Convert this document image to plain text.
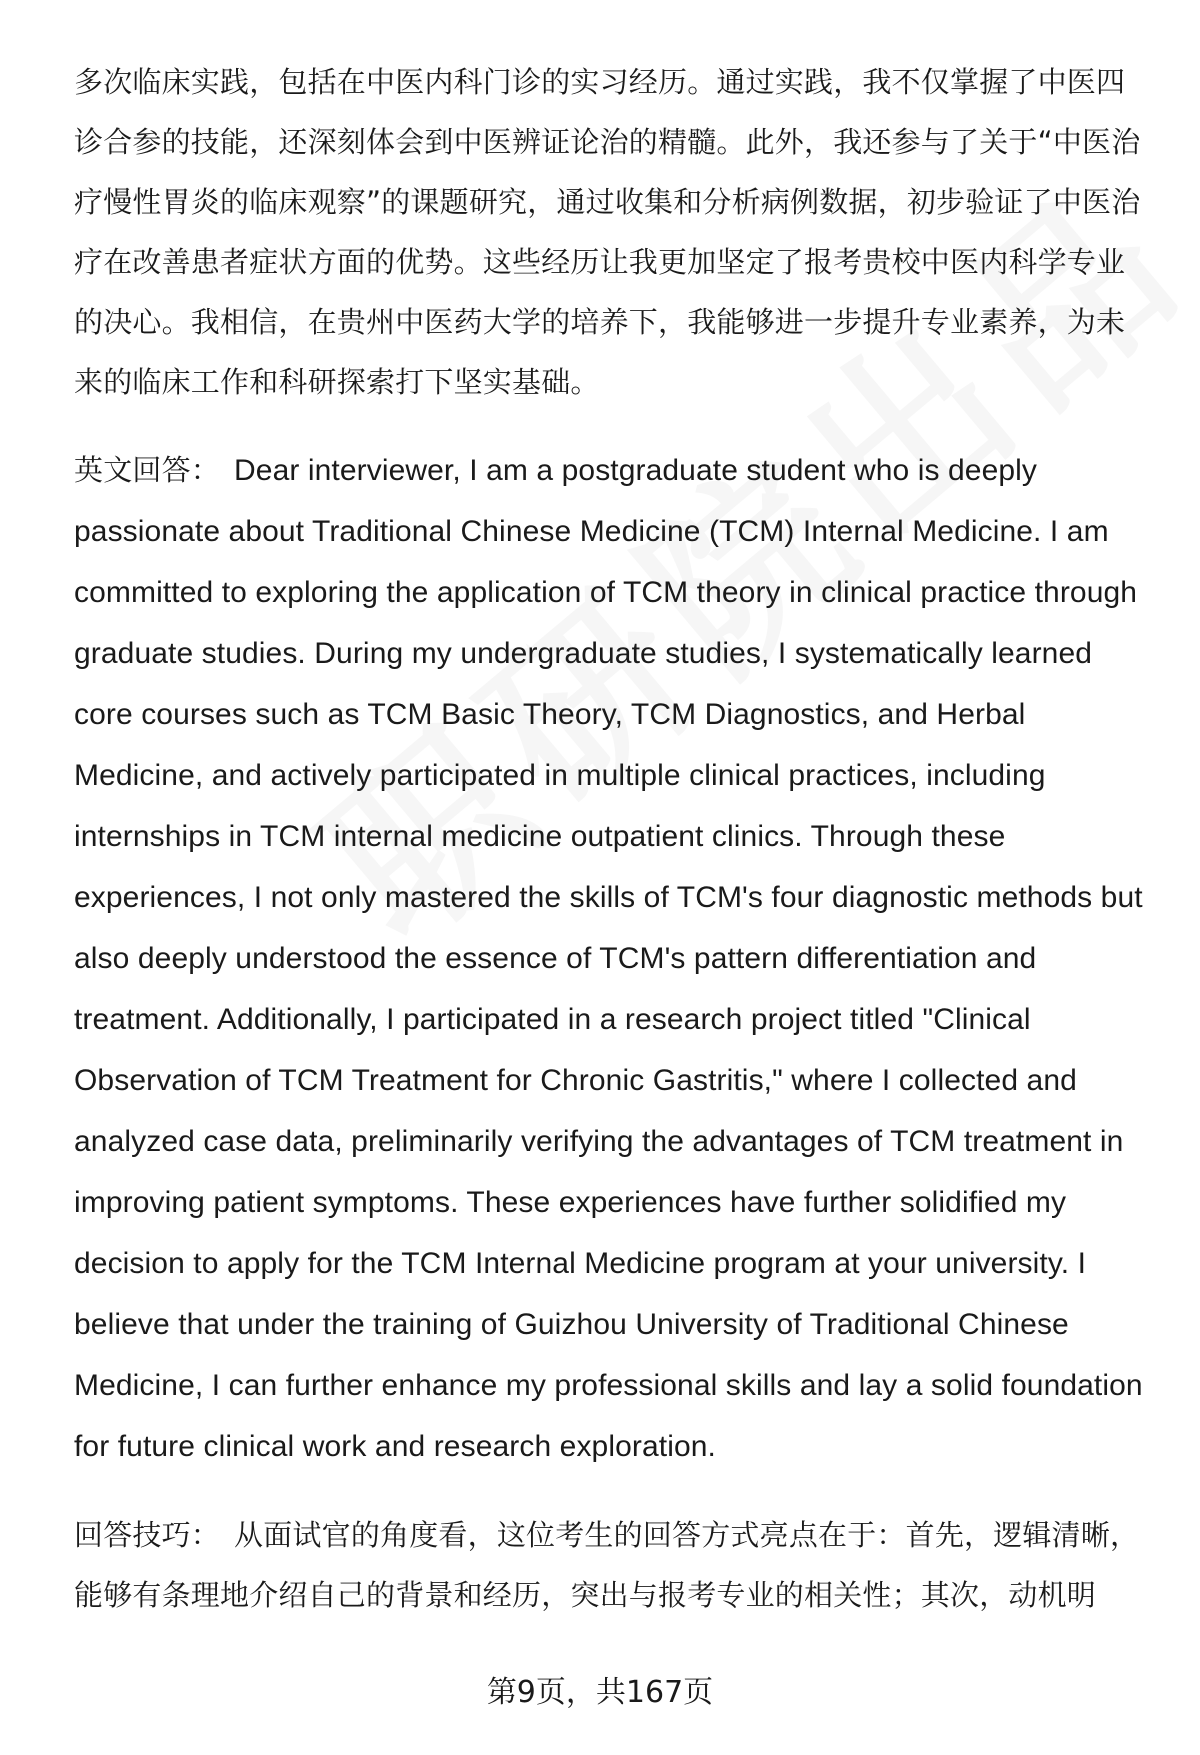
多次临床实践，包括在中医内科门诊的实习经历。通过实践，我不仅掌握了中医四诊合参的技能，还深刻体会到中医辨证论治的精髓。此外，我还参与了关于“中医治疗慢性胃炎的临床观察”的课题研究，通过收集和分析病例数据，初步验证了中医治疗在改善患者症状方面的优势。这些经历让我更加坚定了报考贵校中医内科学专业的决心。我相信，在贵州中医药大学的培养下，我能够进一步提升专业素养，为未来的临床工作和科研探索打下坚实基础。

英文回答： Dear interviewer, I am a postgraduate student who is deeply passionate about Traditional Chinese Medicine (TCM) Internal Medicine. I am committed to exploring the application of TCM theory in clinical practice through graduate studies. During my undergraduate studies, I systematically learned core courses such as TCM Basic Theory, TCM Diagnostics, and Herbal Medicine, and actively participated in multiple clinical practices, including internships in TCM internal medicine outpatient clinics. Through these experiences, I not only mastered the skills of TCM's four diagnostic methods but also deeply understood the essence of TCM's pattern differentiation and treatment. Additionally, I participated in a research project titled "Clinical Observation of TCM Treatment for Chronic Gastritis," where I collected and analyzed case data, preliminarily verifying the advantages of TCM treatment in improving patient symptoms. These experiences have further solidified my decision to apply for the TCM Internal Medicine program at your university. I believe that under the training of Guizhou University of Traditional Chinese Medicine, I can further enhance my professional skills and lay a solid foundation for future clinical work and research exploration.

回答技巧： 从面试官的角度看，这位考生的回答方式亮点在于：首先，逻辑清晰，能够有条理地介绍自己的背景和经历，突出与报考专业的相关性；其次，动机明

第9页，共167页
